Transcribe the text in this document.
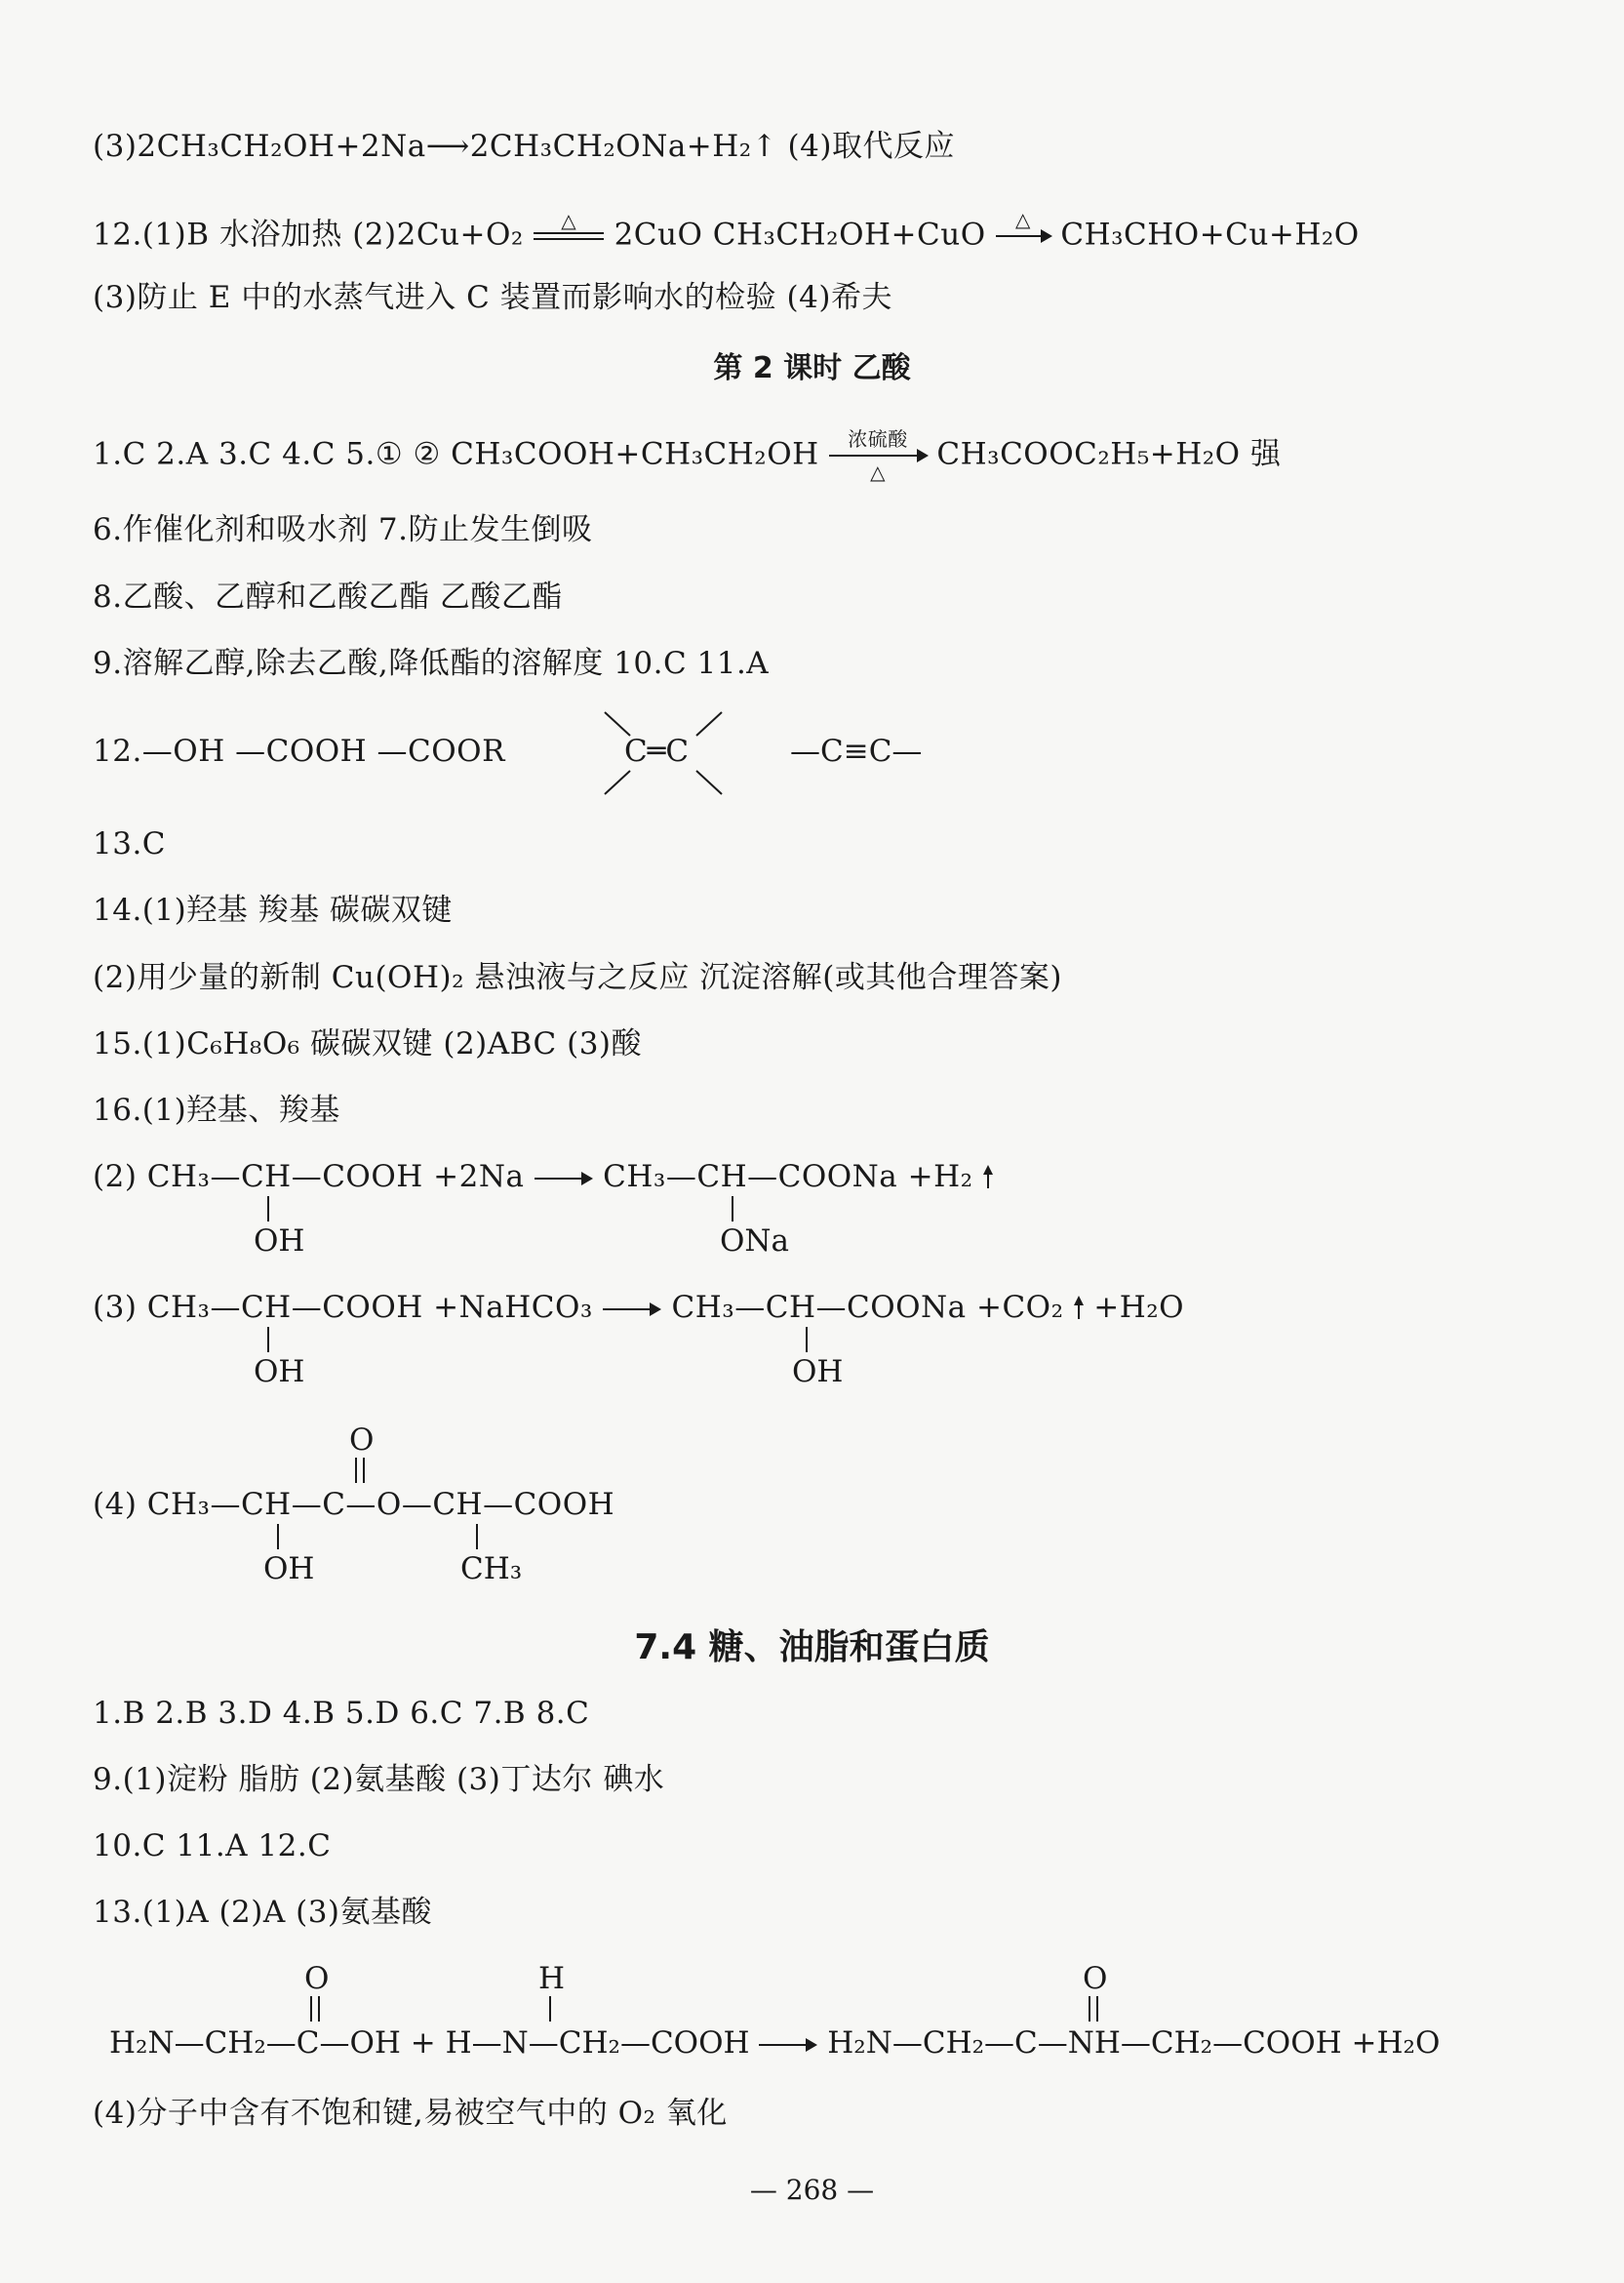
(3)2CH₃CH₂OH+2Na⟶2CH₃CH₂ONa+H₂↑ (4)取代反应
12.(1)B 水浴加热 (2)2Cu+O₂	△
	2CuO CH₃CH₂OH+CuO	△
CH₃CHO+Cu+H₂O
(3)防止 E 中的水蒸气进入 C 装置而影响水的检验 (4)希夫
第 2 课时 乙酸
1.C 2.A 3.C 4.C 5.① ② CH₃COOH+CH₃CH₂OH	浓硫酸
△
CH₃COOC₂H₅+H₂O 强
6.作催化剂和吸水剂 7.防止发生倒吸
8.乙酸、乙醇和乙酸乙酯 乙酸乙酯
9.溶解乙醇,除去乙酸,降低酯的溶解度 10.C 11.A
12.—OH —COOH —COOR	C═C	—C≡C—
13.C
14.(1)羟基 羧基 碳碳双键
(2)用少量的新制 Cu(OH)₂ 悬浊液与之反应 沉淀溶解(或其他合理答案)
15.(1)C₆H₈O₆ 碳碳双键 (2)ABC (3)酸
16.(1)羟基、羧基
(2) CH₃—CH—COOH +2Na	CH₃—CH—COONa +H₂
OH	ONa
(3) CH₃—CH—COOH +NaHCO₃	CH₃—CH—COONa +CO₂ +H₂O
OH	OH
O
(4) CH₃—CH—C—O—CH—COOH
OH	CH₃
7.4 糖、油脂和蛋白质
1.B 2.B 3.D 4.B 5.D 6.C 7.B 8.C
9.(1)淀粉 脂肪 (2)氨基酸 (3)丁达尔 碘水
10.C 11.A 12.C
13.(1)A (2)A (3)氨基酸
O	H	O
H₂N—CH₂—C—OH + H—N—CH₂—COOH	H₂N—CH₂—C—NH—CH₂—COOH +H₂O
(4)分子中含有不饱和键,易被空气中的 O₂ 氧化
— 268 —
